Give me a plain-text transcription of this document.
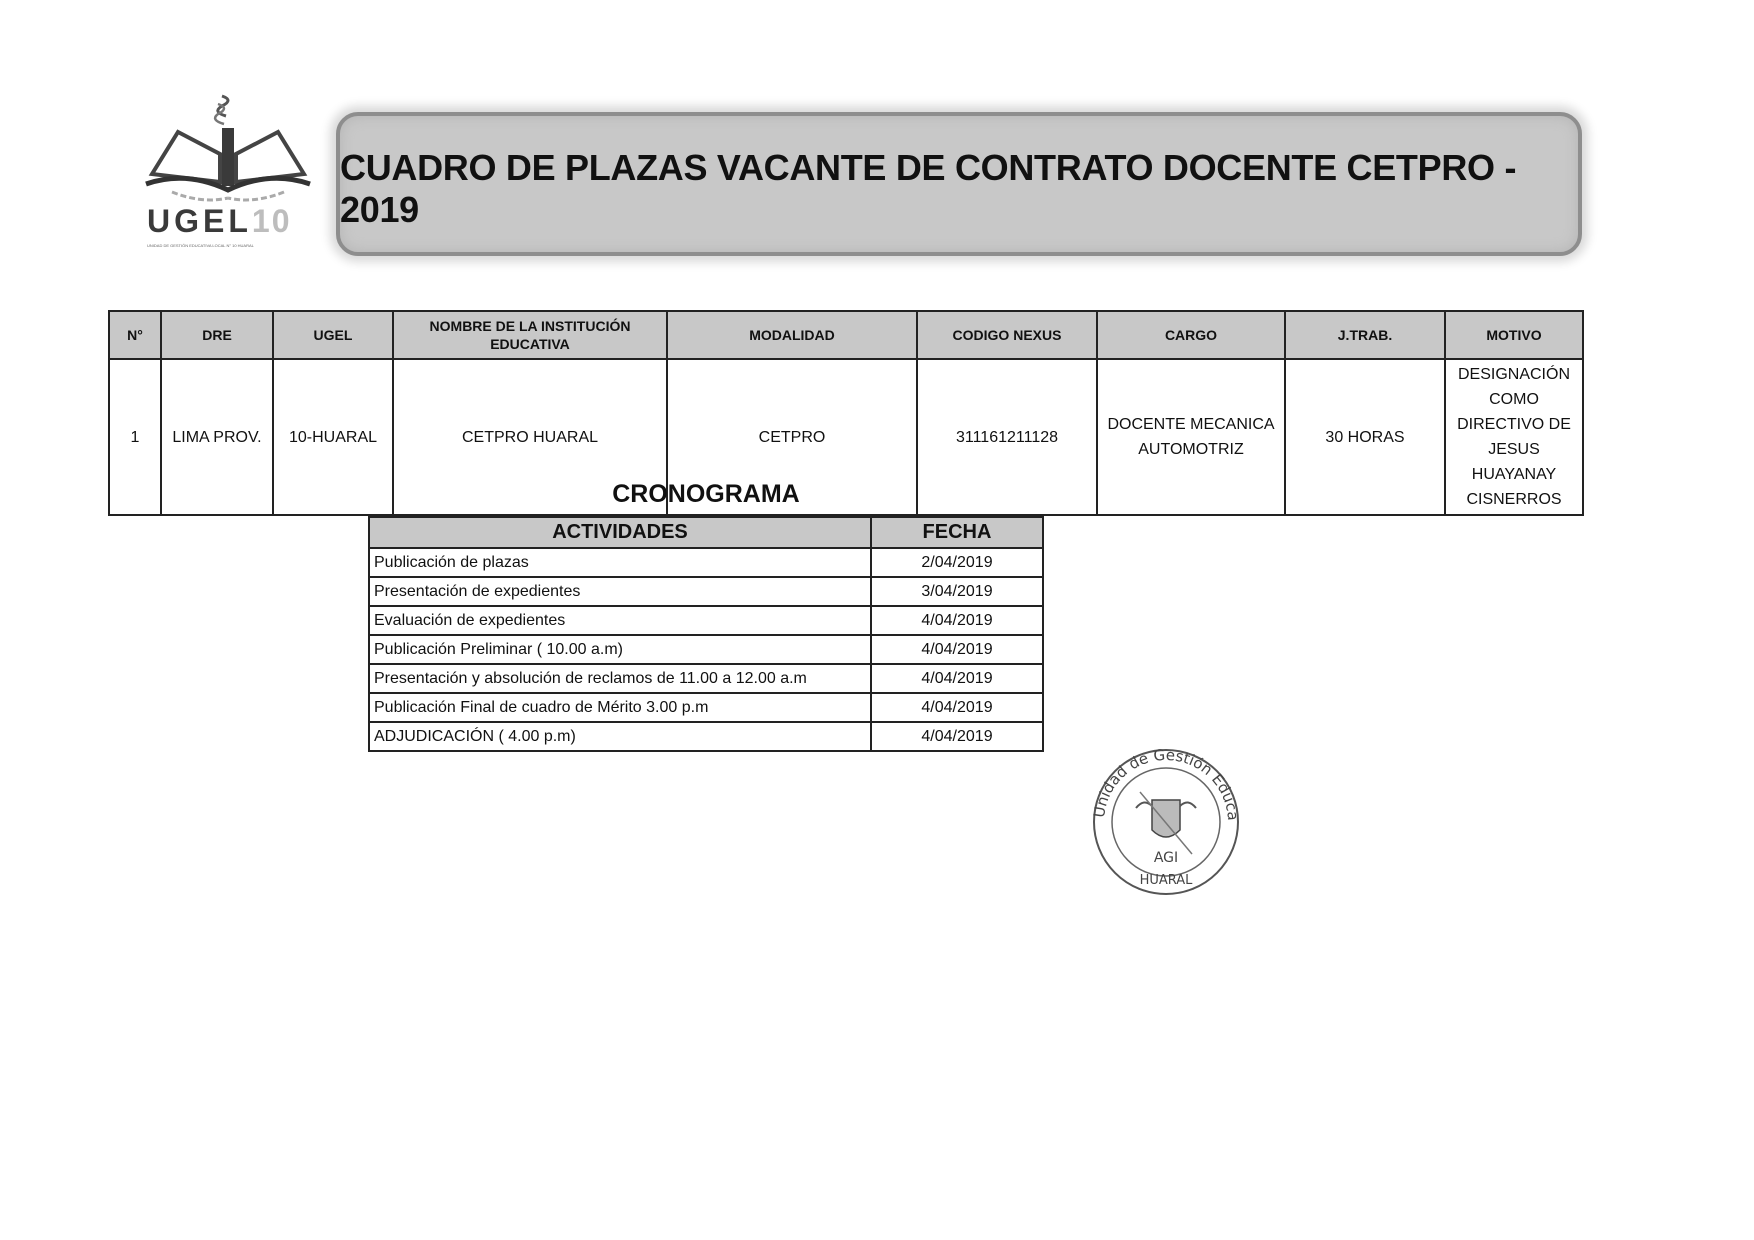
UGEL10
UNIDAD DE GESTIÓN EDUCATIVA LOCAL N° 10 HUARAL
CUADRO DE PLAZAS VACANTE DE CONTRATO DOCENTE CETPRO - 2019
N°	DRE	UGEL	NOMBRE DE LA INSTITUCIÓN EDUCATIVA	MODALIDAD	CODIGO NEXUS	CARGO	J.TRAB.	MOTIVO
1	LIMA PROV.	10-HUARAL	CETPRO HUARAL	CETPRO	311161211128	DOCENTE MECANICA AUTOMOTRIZ	30 HORAS	DESIGNACIÓN COMO DIRECTIVO DE JESUS HUAYANAY CISNERROS
CRONOGRAMA
ACTIVIDADES	FECHA
Publicación de plazas	2/04/2019
Presentación de expedientes	3/04/2019
Evaluación de expedientes	4/04/2019
Publicación Preliminar ( 10.00 a.m)	4/04/2019
Presentación y absolución de reclamos de 11.00 a 12.00 a.m	4/04/2019
Publicación Final de cuadro de Mérito 3.00 p.m	4/04/2019
ADJUDICACIÓN ( 4.00 p.m)	4/04/2019
Unidad de Gestión Educa
AGI
HUARAL
